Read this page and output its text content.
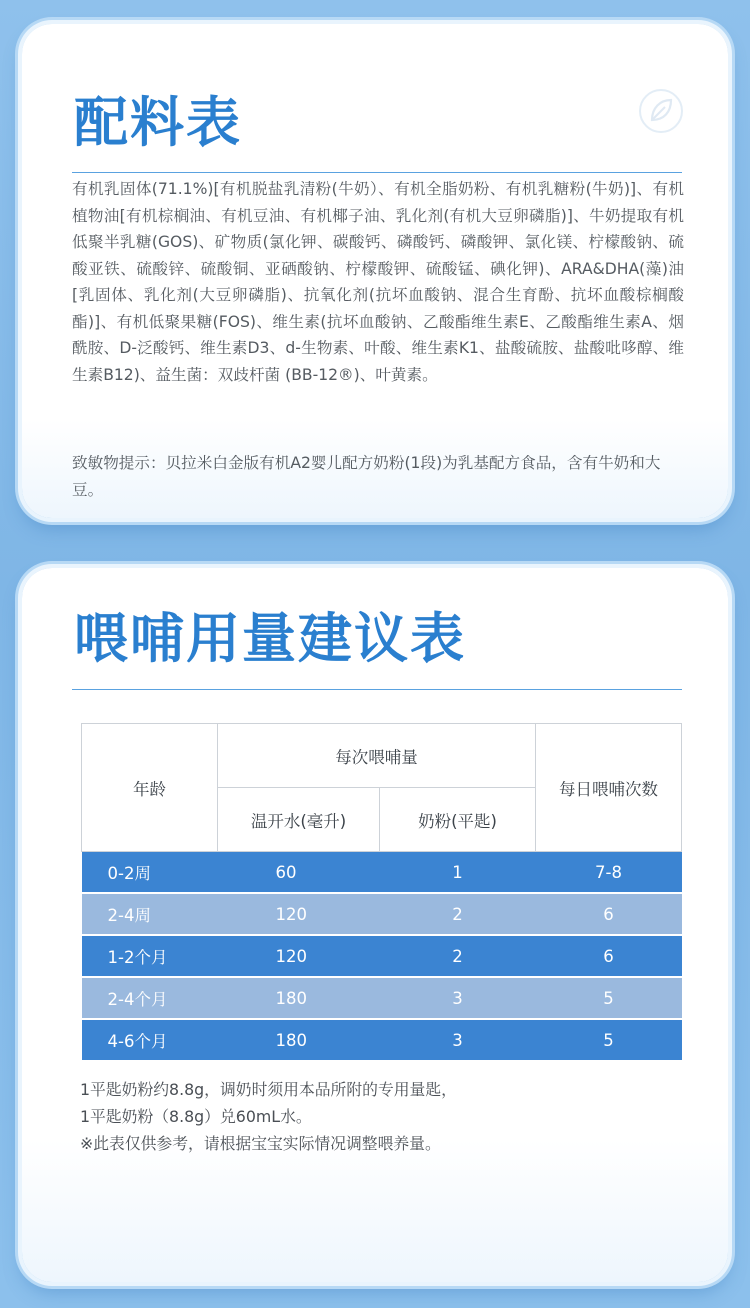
配料表

有机乳固体(71.1%)[有机脱盐乳清粉(牛奶）、有机全脂奶粉、有机乳糖粉(牛奶)]、有机植物油[有机棕榈油、有机豆油、有机椰子油、乳化剂(有机大豆卵磷脂)]、牛奶提取有机低聚半乳糖(GOS)、矿物质(氯化钾、碳酸钙、磷酸钙、磷酸钾、氯化镁、柠檬酸钠、硫酸亚铁、硫酸锌、硫酸铜、亚硒酸钠、柠檬酸钾、硫酸锰、碘化钾)、ARA&DHA(藻)油[乳固体、乳化剂(大豆卵磷脂)、抗氧化剂(抗坏血酸钠、混合生育酚、抗坏血酸棕榈酸酯)]、有机低聚果糖(FOS)、维生素(抗坏血酸钠、乙酸酯维生素E、乙酸酯维生素A、烟酰胺、D-泛酸钙、维生素D3、d-生物素、叶酸、维生素K1、盐酸硫胺、盐酸吡哆醇、维生素B12)、益生菌：双歧杆菌 (BB-12®)、叶黄素。

致敏物提示：贝拉米白金版有机A2婴儿配方奶粉(1段)为乳基配方食品，含有牛奶和大豆。

喂哺用量建议表
年龄	每次喂哺量		每日喂哺次数
	温开水(毫升)	奶粉(平匙)	
0-2周	60	1	7-8
2-4周	120	2	6
1-2个月	120	2	6
2-4个月	180	3	5
4-6个月	180	3	5

1平匙奶粉约8.8g，调奶时须用本品所附的专用量匙，

1平匙奶粉（8.8g）兑60mL水。

※此表仅供参考，请根据宝宝实际情况调整喂养量。
